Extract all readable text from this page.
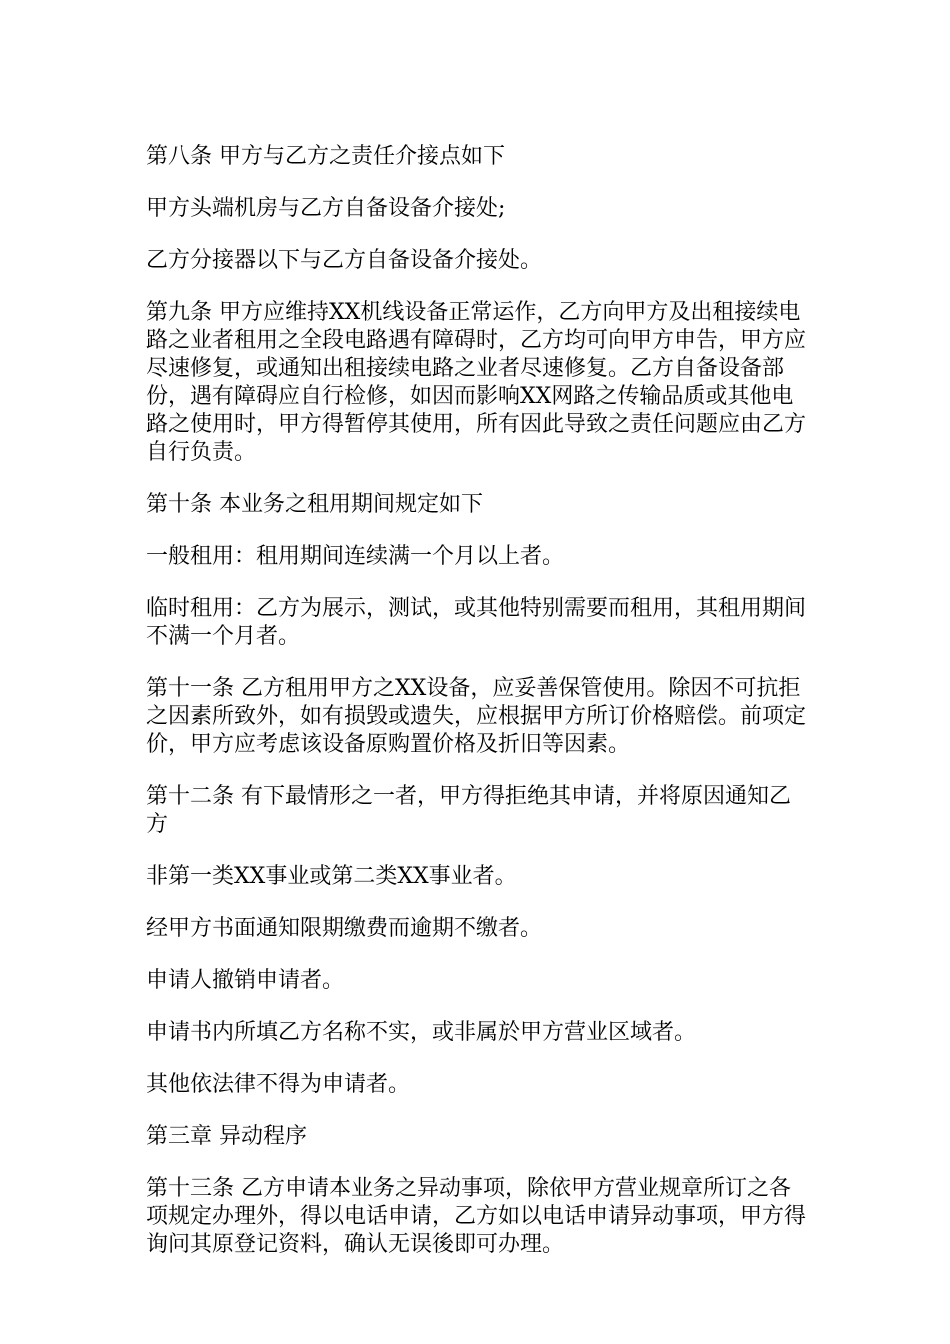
第八条 甲方与乙方之责任介接点如下

甲方头端机房与乙方自备设备介接处;

乙方分接器以下与乙方自备设备介接处。

第九条 甲方应维持XX机线设备正常运作，乙方向甲方及出租接续电路之业者租用之全段电路遇有障碍时，乙方均可向甲方申告，甲方应尽速修复，或通知出租接续电路之业者尽速修复。乙方自备设备部份，遇有障碍应自行检修，如因而影响XX网路之传输品质或其他电路之使用时，甲方得暂停其使用，所有因此导致之责任问题应由乙方自行负责。

第十条 本业务之租用期间规定如下

一般租用：租用期间连续满一个月以上者。

临时租用：乙方为展示，测试，或其他特别需要而租用，其租用期间不满一个月者。

第十一条 乙方租用甲方之XX设备，应妥善保管使用。除因不可抗拒之因素所致外，如有损毁或遗失，应根据甲方所订价格赔偿。前项定价，甲方应考虑该设备原购置价格及折旧等因素。

第十二条 有下最情形之一者，甲方得拒绝其申请，并将原因通知乙方

非第一类XX事业或第二类XX事业者。

经甲方书面通知限期缴费而逾期不缴者。

申请人撤销申请者。

申请书内所填乙方名称不实，或非属於甲方营业区域者。

其他依法律不得为申请者。

第三章 异动程序

第十三条 乙方申请本业务之异动事项，除依甲方营业规章所订之各项规定办理外，得以电话申请，乙方如以电话申请异动事项，甲方得询问其原登记资料，确认无误後即可办理。
